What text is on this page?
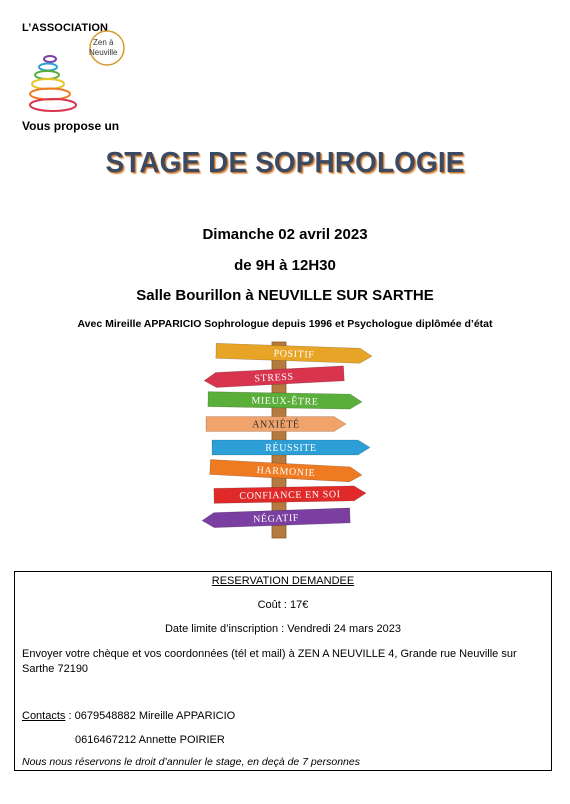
L’ASSOCIATION
Zen à
Neuville
Vous propose un
STAGE DE SOPHROLOGIE
Dimanche 02 avril 2023
de 9H à 12H30
Salle Bourillon à NEUVILLE SUR SARTHE
Avec Mireille APPARICIO Sophrologue depuis 1996 et Psychologue diplômée d’état
POSITIF
STRESS
MIEUX-ÊTRE
ANXIÉTÉ
RÉUSSITE
HARMONIE
CONFIANCE EN SOI
NÉGATIF
RESERVATION DEMANDEE
Coût : 17€
Date limite d’inscription : Vendredi 24 mars 2023
Envoyer votre chèque et vos coordonnées (tél et mail) à ZEN A NEUVILLE 4, Grande rue Neuville sur Sarthe 72190
Contacts : 0679548882 Mireille APPARICIO
0616467212 Annette POIRIER
Nous nous réservons le droit d’annuler le stage, en deçà de 7 personnes
